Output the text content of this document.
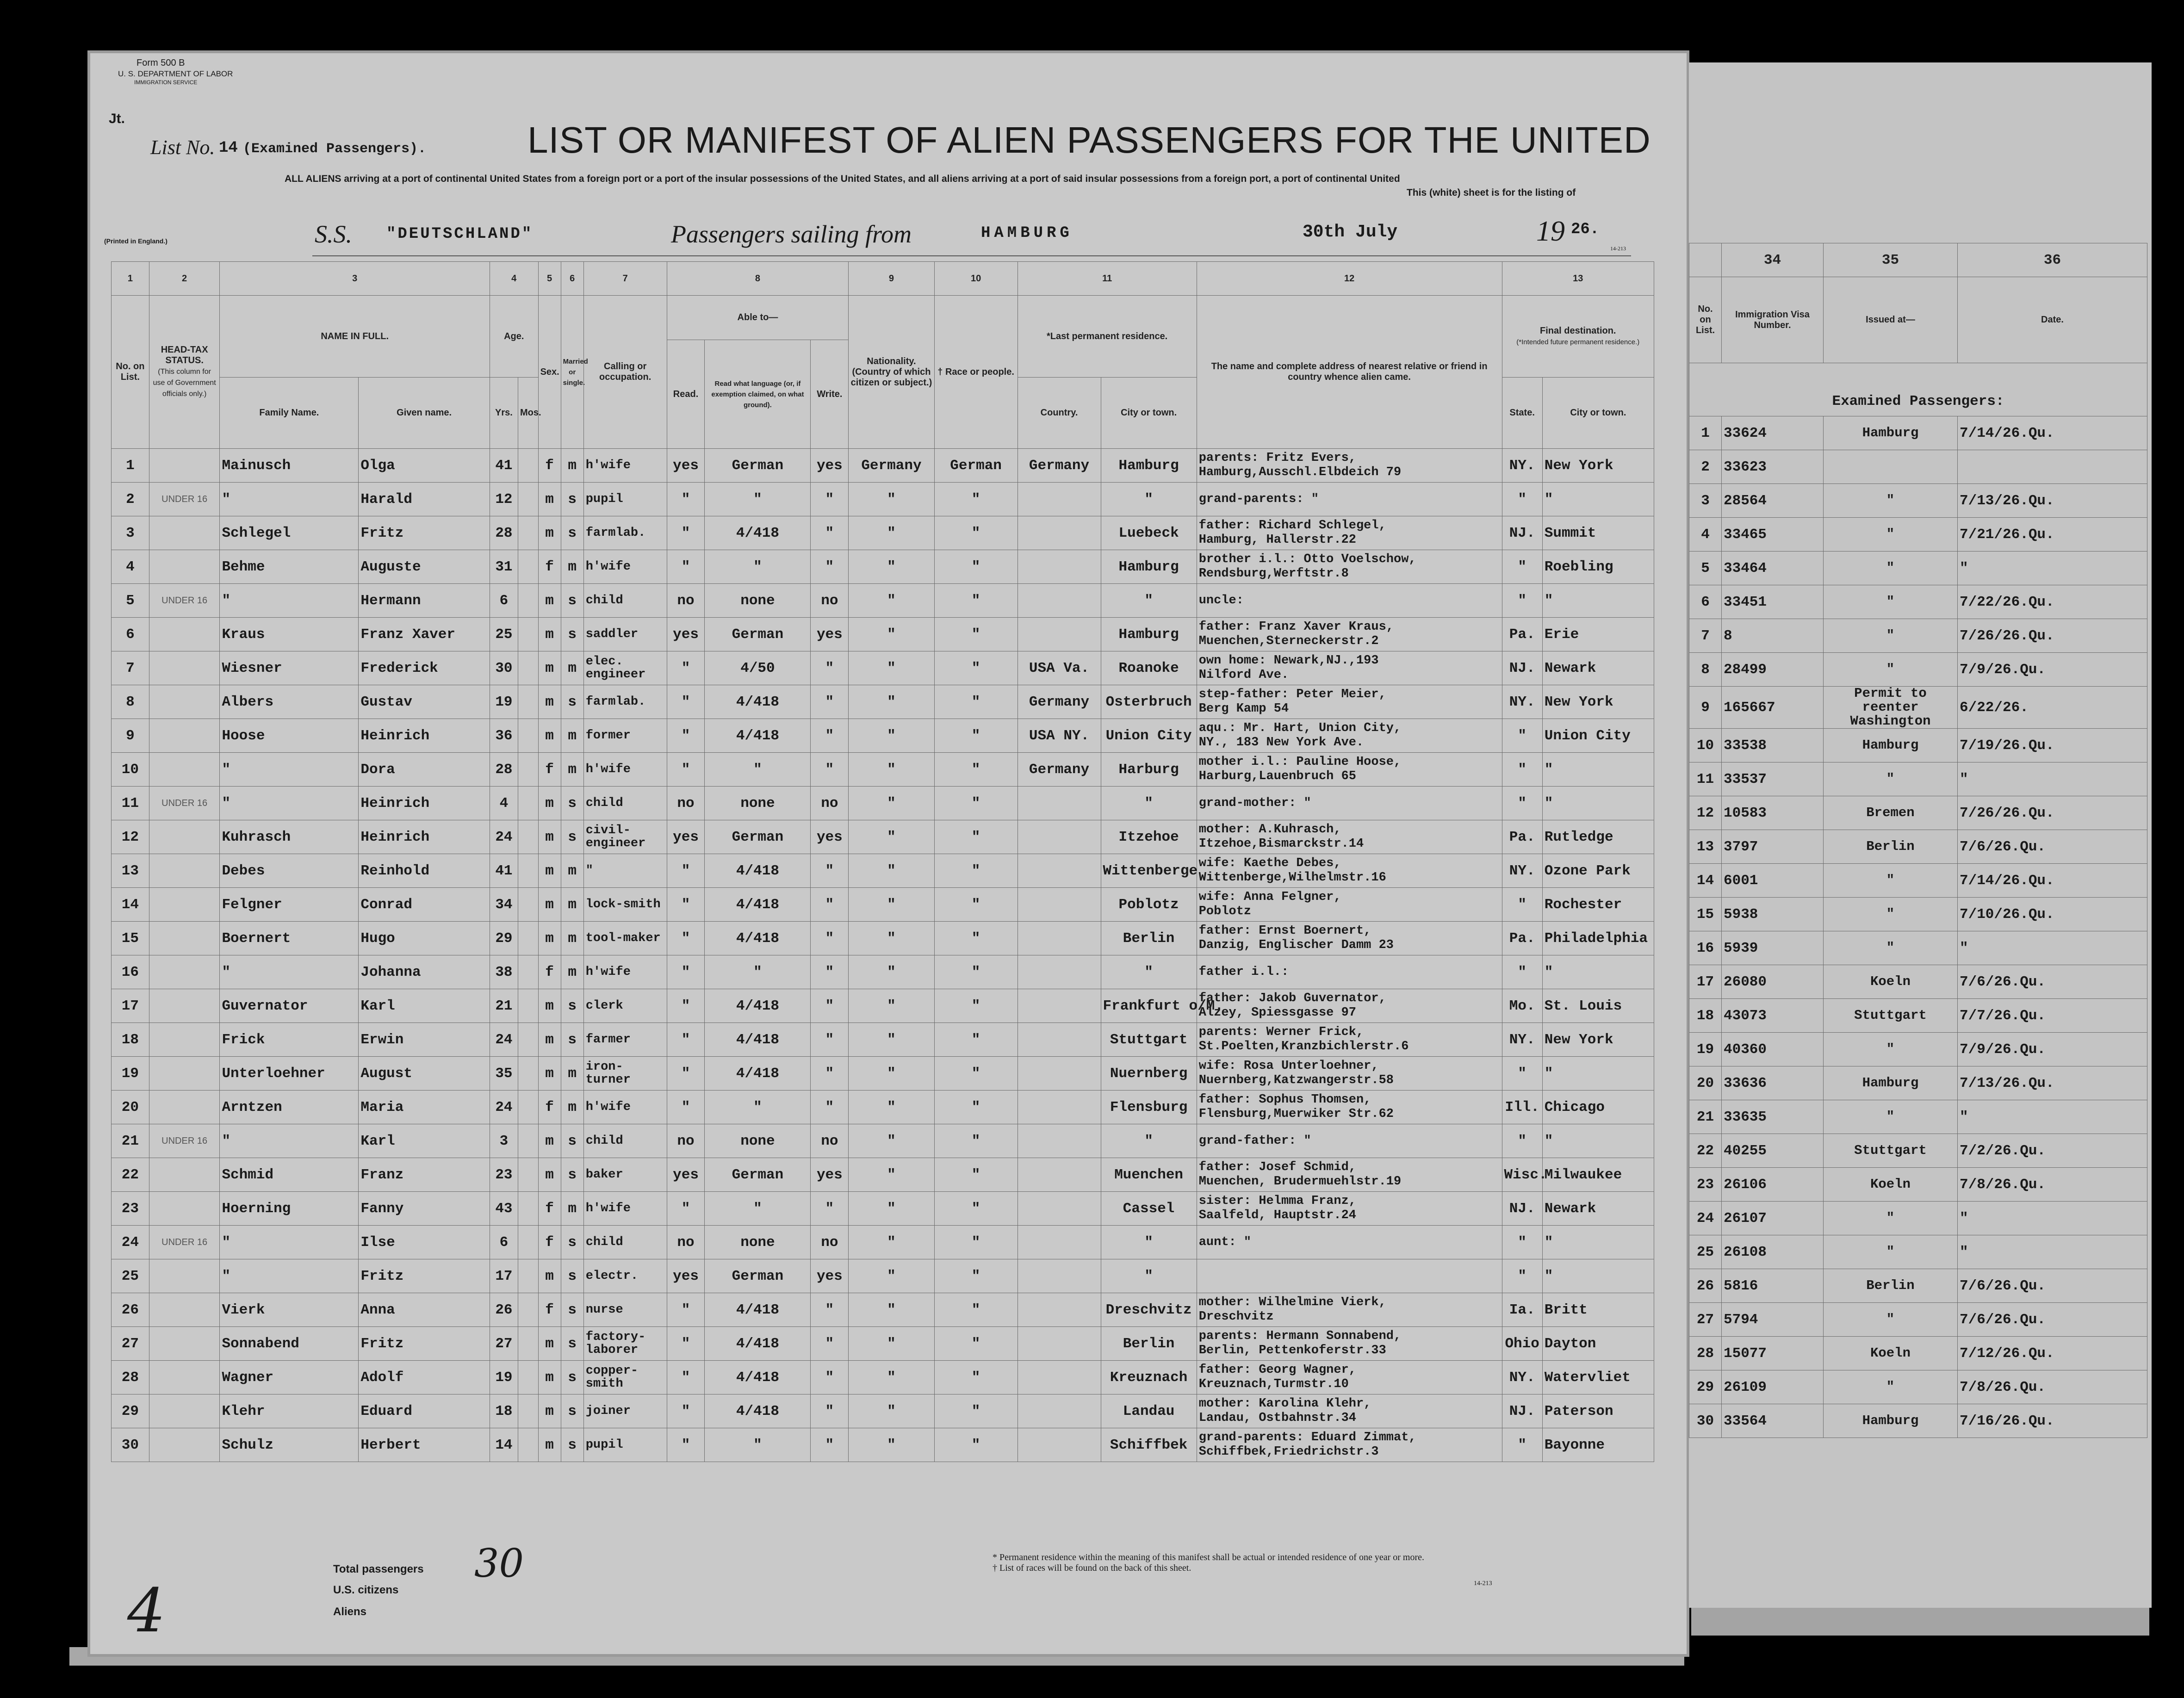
Form 500 B
U. S. DEPARTMENT OF LABOR
IMMIGRATION SERVICE
Jt.
List No. 14 (Examined Passengers).	LIST OR MANIFEST OF ALIEN PASSENGERS FOR THE UNITED
ALL ALIENS arriving at a port of continental United States from a foreign port or a port of the insular possessions of the United States, and all aliens arriving at a port of said insular possessions from a foreign port, a port of continental United
This (white) sheet is for the listing of
S.S. "DEUTSCHLAND"	Passengers sailing from	HAMBURG	30th July	19 26.
14-213
(Printed in England.)
1	2	3		4		5	6	7	8			9	10	11		12	13	
No. on List.	HEAD-TAX STATUS.
(This column for use of Government officials only.)	NAME IN FULL.		Age.		Sex.	Married or single.	Calling or occupation.	Able to—			Nationality. (Country of which citizen or subject.)	† Race or people.	*Last permanent residence.		The name and complete address of nearest relative or friend in country whence alien came.	Final destination.
(*Intended future permanent residence.)	
									Read.	Read what language (or, if exemption claimed, on what ground).	Write.							
		Family Name.	Given name.	Yrs.	Mos.									Country.	City or town.		State.	City or town.
1		Mainusch	Olga	41		f	m	h'wife	yes	German	yes	Germany	German	Germany	Hamburg	parents: Fritz Evers,
Hamburg,Ausschl.Elbdeich 79	NY.	New York
2	UNDER 16	"	Harald	12		m	s	pupil	"	"	"	"	"		"	grand-parents: "	"	"
3		Schlegel	Fritz	28		m	s	farmlab.	"	4/418	"	"	"		Luebeck	father: Richard Schlegel,
Hamburg, Hallerstr.22	NJ.	Summit
4		Behme	Auguste	31		f	m	h'wife	"	"	"	"	"		Hamburg	brother i.l.: Otto Voelschow,
Rendsburg,Werftstr.8	"	Roebling
5	UNDER 16	"	Hermann	6		m	s	child	no	none	no	"	"		"	uncle:	"	"
6		Kraus	Franz Xaver	25		m	s	saddler	yes	German	yes	"	"		Hamburg	father: Franz Xaver Kraus,
Muenchen,Sterneckerstr.2	Pa.	Erie
7		Wiesner	Frederick	30		m	m	elec. engineer	"	4/50	"	"	"	USA Va.	Roanoke	own home: Newark,NJ.,193
Nilford Ave.	NJ.	Newark
8		Albers	Gustav	19		m	s	farmlab.	"	4/418	"	"	"	Germany	Osterbruch	step-father: Peter Meier,
Berg Kamp 54	NY.	New York
9		Hoose	Heinrich	36		m	m	former	"	4/418	"	"	"	USA NY.	Union City	aqu.: Mr. Hart, Union City,
NY., 183 New York Ave.	"	Union City
10		"	Dora	28		f	m	h'wife	"	"	"	"	"	Germany	Harburg	mother i.l.: Pauline Hoose,
Harburg,Lauenbruch 65	"	"
11	UNDER 16	"	Heinrich	4		m	s	child	no	none	no	"	"		"	grand-mother: "	"	"
12		Kuhrasch	Heinrich	24		m	s	civil-engineer	yes	German	yes	"	"		Itzehoe	mother: A.Kuhrasch,
Itzehoe,Bismarckstr.14	Pa.	Rutledge
13		Debes	Reinhold	41		m	m	"	"	4/418	"	"	"		Wittenberge	wife: Kaethe Debes,
Wittenberge,Wilhelmstr.16	NY.	Ozone Park
14		Felgner	Conrad	34		m	m	lock-smith	"	4/418	"	"	"		Poblotz	wife: Anna Felgner,
Poblotz	"	Rochester
15		Boernert	Hugo	29		m	m	tool-maker	"	4/418	"	"	"		Berlin	father: Ernst Boernert,
Danzig, Englischer Damm 23	Pa.	Philadelphia
16		"	Johanna	38		f	m	h'wife	"	"	"	"	"		"	father i.l.:	"	"
17		Guvernator	Karl	21		m	s	clerk	"	4/418	"	"	"		Frankfurt o/M.	father: Jakob Guvernator,
Alzey, Spiessgasse 97	Mo.	St. Louis
18		Frick	Erwin	24		m	s	farmer	"	4/418	"	"	"		Stuttgart	parents: Werner Frick,
St.Poelten,Kranzbichlerstr.6	NY.	New York
19		Unterloehner	August	35		m	m	iron-turner	"	4/418	"	"	"		Nuernberg	wife: Rosa Unterloehner,
Nuernberg,Katzwangerstr.58	"	"
20		Arntzen	Maria	24		f	m	h'wife	"	"	"	"	"		Flensburg	father: Sophus Thomsen,
Flensburg,Muerwiker Str.62	Ill.	Chicago
21	UNDER 16	"	Karl	3		m	s	child	no	none	no	"	"		"	grand-father: "	"	"
22		Schmid	Franz	23		m	s	baker	yes	German	yes	"	"		Muenchen	father: Josef Schmid,
Muenchen, Brudermuehlstr.19	Wisc.	Milwaukee
23		Hoerning	Fanny	43		f	m	h'wife	"	"	"	"	"		Cassel	sister: Helmma Franz,
Saalfeld, Hauptstr.24	NJ.	Newark
24	UNDER 16	"	Ilse	6		f	s	child	no	none	no	"	"		"	aunt: "	"	"
25		"	Fritz	17		m	s	electr.	yes	German	yes	"	"		"		"	"
26		Vierk	Anna	26		f	s	nurse	"	4/418	"	"	"		Dreschvitz	mother: Wilhelmine Vierk,
Dreschvitz	Ia.	Britt
27		Sonnabend	Fritz	27		m	s	factory-laborer	"	4/418	"	"	"		Berlin	parents: Hermann Sonnabend,
Berlin, Pettenkoferstr.33	Ohio	Dayton
28		Wagner	Adolf	19		m	s	copper-smith	"	4/418	"	"	"		Kreuznach	father: Georg Wagner,
Kreuznach,Turmstr.10	NY.	Watervliet
29		Klehr	Eduard	18		m	s	joiner	"	4/418	"	"	"		Landau	mother: Karolina Klehr,
Landau, Ostbahnstr.34	NJ.	Paterson
30		Schulz	Herbert	14		m	s	pupil	"	"	"	"	"		Schiffbek	grand-parents: Eduard Zimmat,
Schiffbek,Friedrichstr.3	"	Bayonne
Total passengers 30
U.S. citizens
Aliens
* Permanent residence within the meaning of this manifest shall be actual or intended residence of one year or more.
† List of races will be found on the back of this sheet.
14-213
4
	34	35	36
No. on List.	Immigration Visa Number.	Issued at—	Date.
Examined Passengers:			
1	33624	Hamburg	7/14/26.Qu.
2	33623		
3	28564	"	7/13/26.Qu.
4	33465	"	7/21/26.Qu.
5	33464	"	"
6	33451	"	7/22/26.Qu.
7	8	"	7/26/26.Qu.
8	28499	"	7/9/26.Qu.
9	165667	Permit to reenter Washington	6/22/26.
10	33538	Hamburg	7/19/26.Qu.
11	33537	"	"
12	10583	Bremen	7/26/26.Qu.
13	3797	Berlin	7/6/26.Qu.
14	6001	"	7/14/26.Qu.
15	5938	"	7/10/26.Qu.
16	5939	"	"
17	26080	Koeln	7/6/26.Qu.
18	43073	Stuttgart	7/7/26.Qu.
19	40360	"	7/9/26.Qu.
20	33636	Hamburg	7/13/26.Qu.
21	33635	"	"
22	40255	Stuttgart	7/2/26.Qu.
23	26106	Koeln	7/8/26.Qu.
24	26107	"	"
25	26108	"	"
26	5816	Berlin	7/6/26.Qu.
27	5794	"	7/6/26.Qu.
28	15077	Koeln	7/12/26.Qu.
29	26109	"	7/8/26.Qu.
30	33564	Hamburg	7/16/26.Qu.
